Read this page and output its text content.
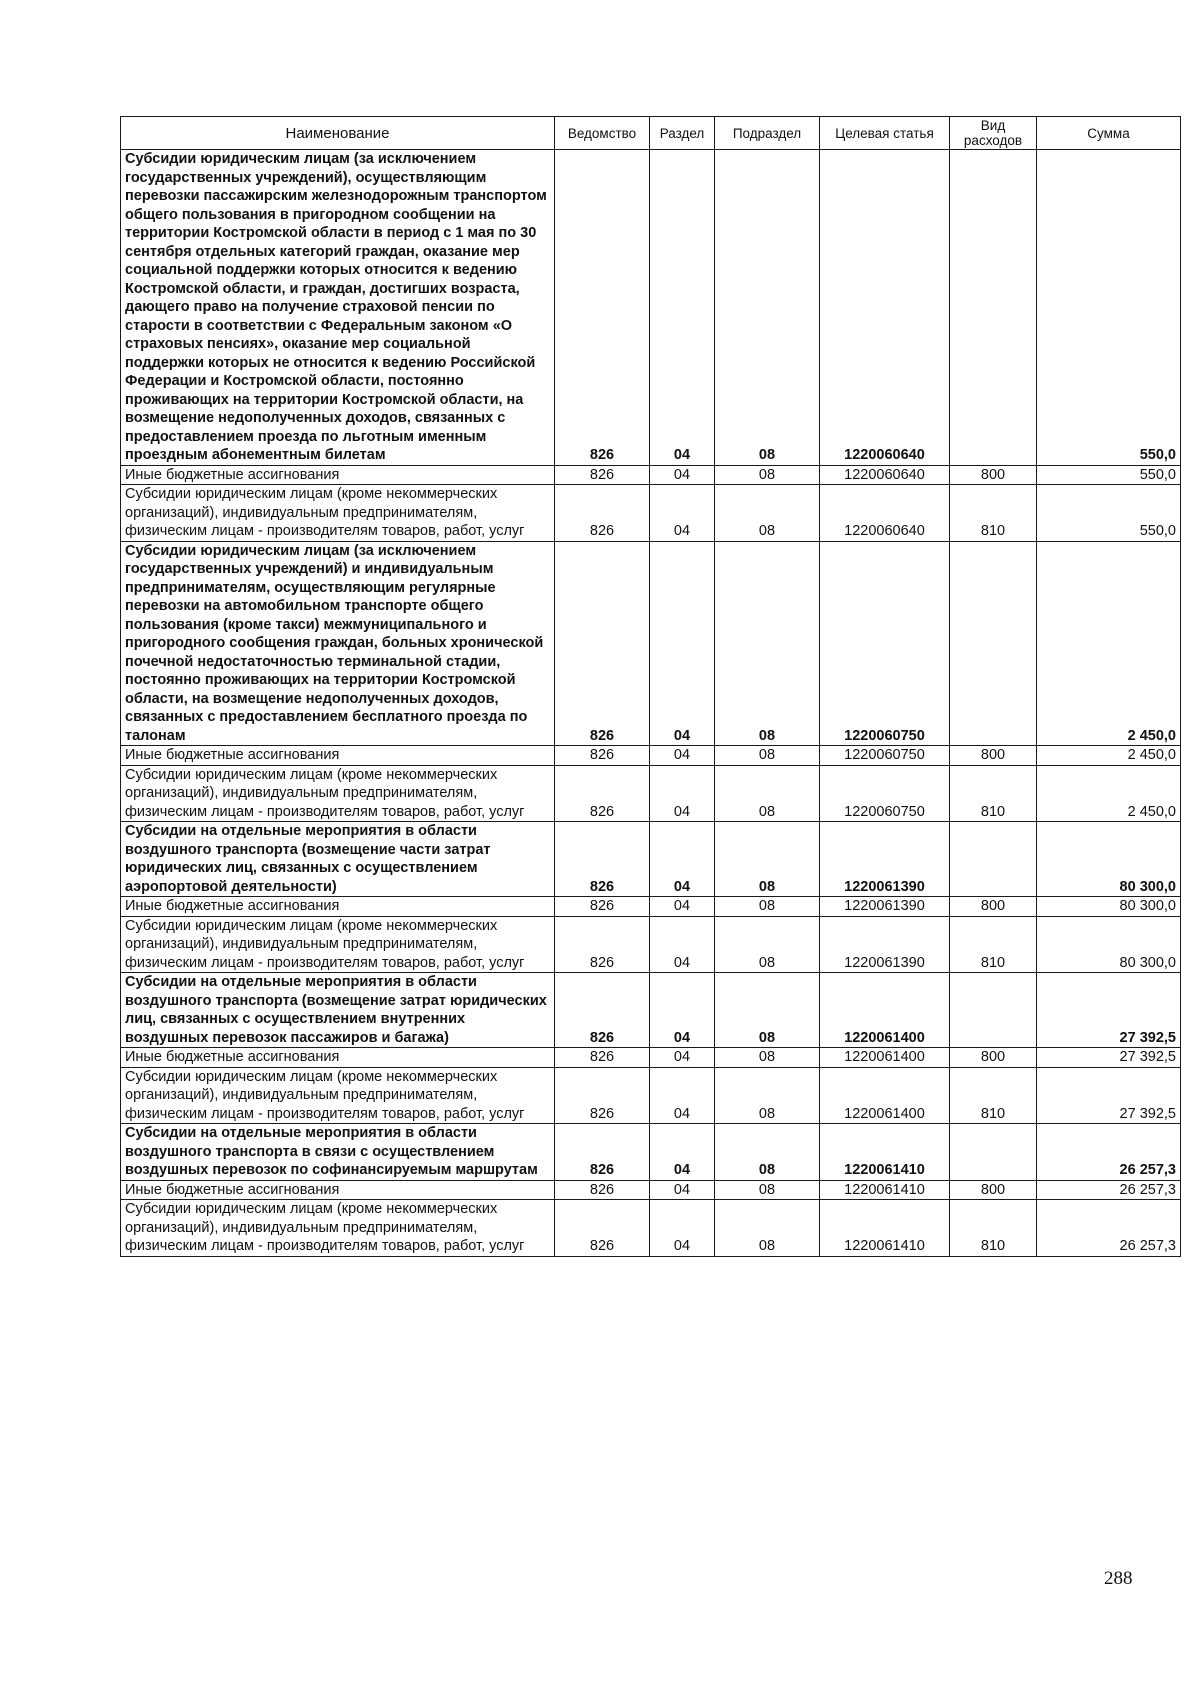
Наименование	Ведомство	Раздел	Подраздел	Целевая статья	Вид расходов	Сумма
Субсидии юридическим лицам (за исключением государственных учреждений), осуществляющим перевозки пассажирским железнодорожным транспортом общего пользования в пригородном сообщении на территории Костромской области в период с 1 мая по 30 сентября отдельных категорий граждан, оказание мер социальной поддержки которых относится к ведению Костромской области, и граждан, достигших возраста, дающего право на получение страховой пенсии по старости в соответствии с Федеральным законом «О страховых пенсиях», оказание мер социальной поддержки которых не относится к ведению Российской Федерации и Костромской области, постоянно проживающих на территории Костромской области, на возмещение недополученных доходов, связанных с предоставлением проезда по льготным именным проездным абонементным билетам	826	04	08	1220060640		550,0
Иные бюджетные ассигнования	826	04	08	1220060640	800	550,0
Субсидии юридическим лицам (кроме некоммерческих организаций), индивидуальным предпринимателям, физическим лицам - производителям товаров, работ, услуг	826	04	08	1220060640	810	550,0
Субсидии юридическим лицам (за исключением государственных учреждений) и индивидуальным предпринимателям, осуществляющим регулярные перевозки на автомобильном транспорте общего пользования (кроме такси) межмуниципального и пригородного сообщения граждан, больных хронической почечной недостаточностью терминальной стадии, постоянно проживающих на территории Костромской области, на возмещение недополученных доходов, связанных с предоставлением бесплатного проезда по талонам	826	04	08	1220060750		2 450,0
Иные бюджетные ассигнования	826	04	08	1220060750	800	2 450,0
Субсидии юридическим лицам (кроме некоммерческих организаций), индивидуальным предпринимателям, физическим лицам - производителям товаров, работ, услуг	826	04	08	1220060750	810	2 450,0
Субсидии на отдельные мероприятия в области воздушного транспорта (возмещение части затрат юридических лиц, связанных с осуществлением аэропортовой деятельности)	826	04	08	1220061390		80 300,0
Иные бюджетные ассигнования	826	04	08	1220061390	800	80 300,0
Субсидии юридическим лицам (кроме некоммерческих организаций), индивидуальным предпринимателям, физическим лицам - производителям товаров, работ, услуг	826	04	08	1220061390	810	80 300,0
Субсидии на отдельные мероприятия в области воздушного транспорта (возмещение затрат юридических лиц, связанных с осуществлением внутренних воздушных перевозок пассажиров и багажа)	826	04	08	1220061400		27 392,5
Иные бюджетные ассигнования	826	04	08	1220061400	800	27 392,5
Субсидии юридическим лицам (кроме некоммерческих организаций), индивидуальным предпринимателям, физическим лицам - производителям товаров, работ, услуг	826	04	08	1220061400	810	27 392,5
Субсидии на отдельные мероприятия в области воздушного транспорта в связи с осуществлением воздушных перевозок по софинансируемым маршрутам	826	04	08	1220061410		26 257,3
Иные бюджетные ассигнования	826	04	08	1220061410	800	26 257,3
Субсидии юридическим лицам (кроме некоммерческих организаций), индивидуальным предпринимателям, физическим лицам - производителям товаров, работ, услуг	826	04	08	1220061410	810	26 257,3
288
